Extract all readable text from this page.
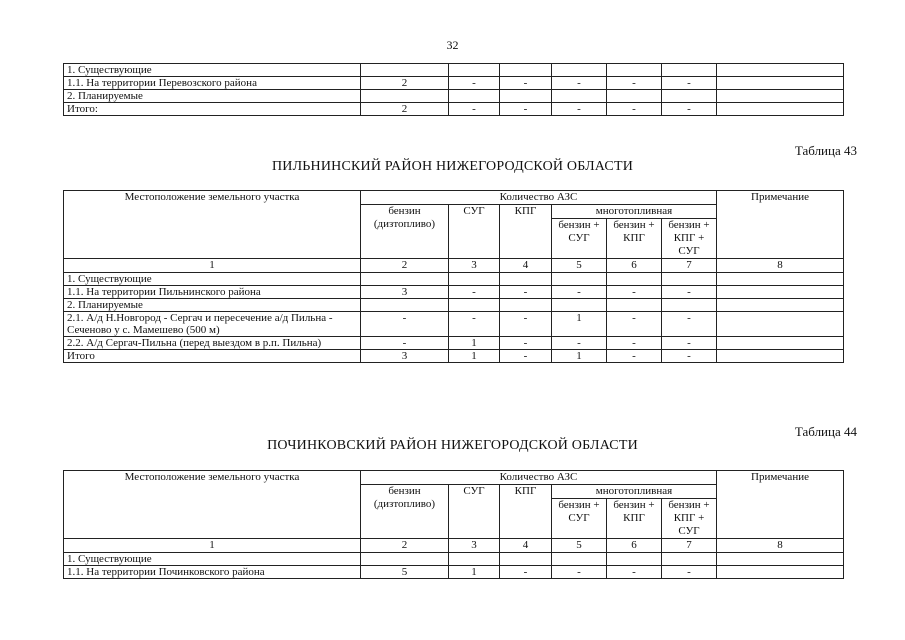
32
1. Существующие							
1.1. На территории Перевозского района	2	-	-	-	-	-	
2. Планируемые							
Итого:	2	-	-	-	-	-	
Таблица 43
ПИЛЬНИНСКИЙ РАЙОН НИЖЕГОРОДСКОЙ ОБЛАСТИ
Местоположение земельного участка	Количество АЗС						Примечание
	бензин (дизтопливо)	СУГ	КПГ	многотопливная			
				бензин + СУГ	бензин + КПГ	бензин + КПГ + СУГ	
1	2	3	4	5	6	7	8
1. Существующие							
1.1. На территории Пильнинского района	3	-	-	-	-	-	
2. Планируемые							
2.1. А/д Н.Новгород - Сергач и пересечение а/д Пильна - Сеченово у с. Мамешево (500 м)	-	-	-	1	-	-	
2.2. А/д Сергач-Пильна (перед выездом в р.п. Пильна)	-	1	-	-	-	-	
Итого	3	1	-	1	-	-	
Таблица 44
ПОЧИНКОВСКИЙ РАЙОН НИЖЕГОРОДСКОЙ ОБЛАСТИ
Местоположение земельного участка	Количество АЗС						Примечание
	бензин (дизтопливо)	СУГ	КПГ	многотопливная			
				бензин + СУГ	бензин + КПГ	бензин + КПГ + СУГ	
1	2	3	4	5	6	7	8
1. Существующие							
1.1. На территории Починковского района	5	1	-	-	-	-	
